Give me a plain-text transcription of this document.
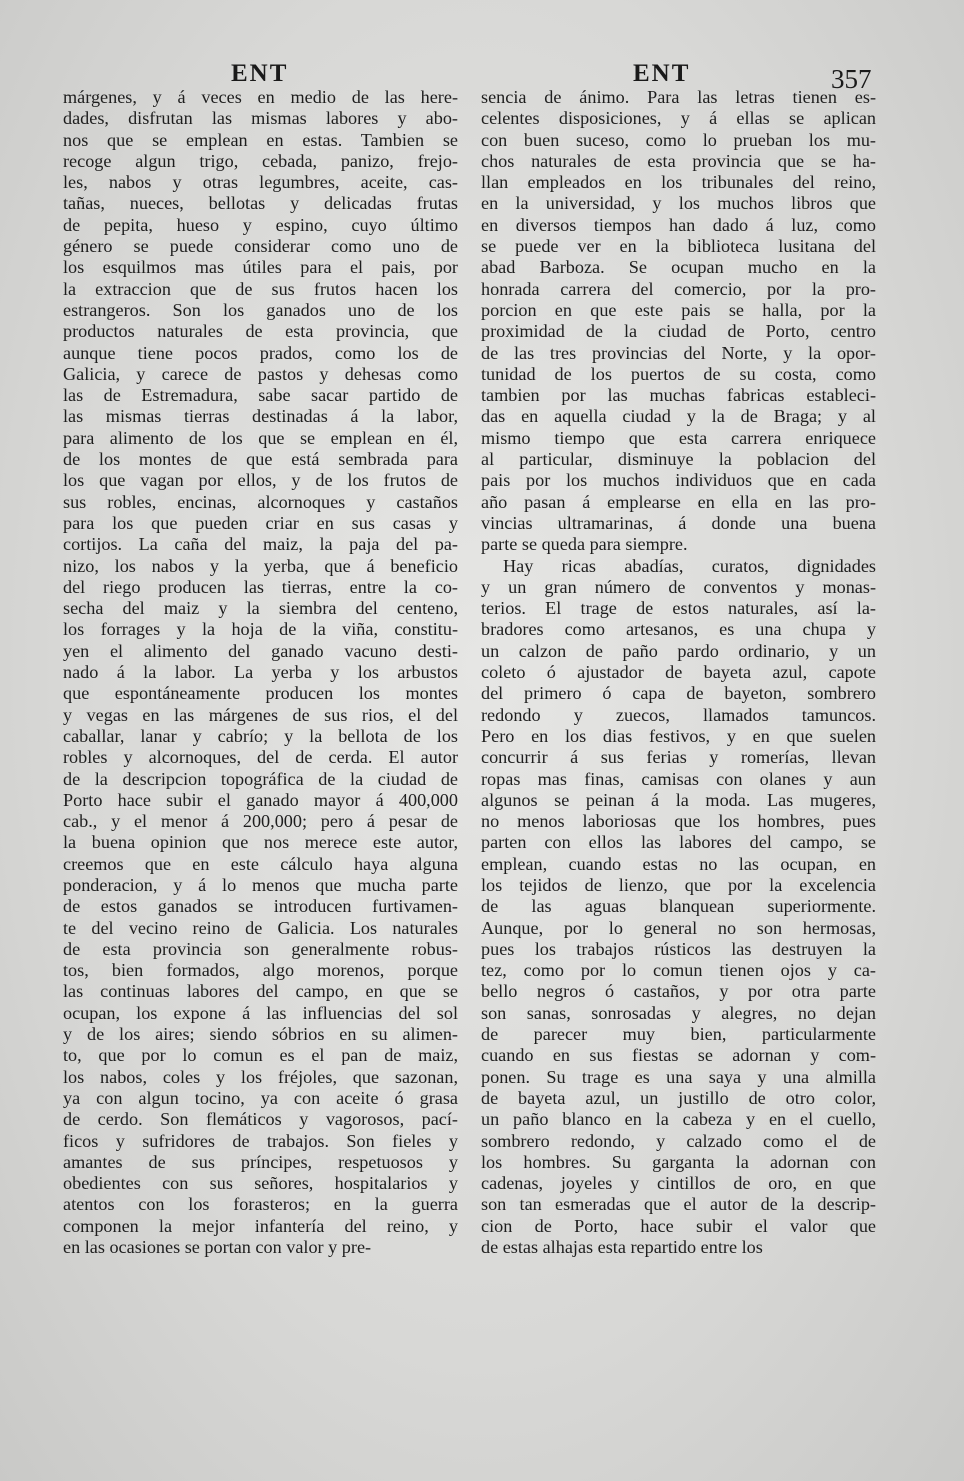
ENT	ENT	357
márgenes, y á veces en medio de las here-
dades, disfrutan las mismas labores y abo-
nos que se emplean en estas. Tambien se
recoge algun trigo, cebada, panizo, frejo-
les, nabos y otras legumbres, aceite, cas-
tañas, nueces, bellotas y delicadas frutas
de pepita, hueso y espino, cuyo último
género se puede considerar como uno de
los esquilmos mas útiles para el pais, por
la extraccion que de sus frutos hacen los
estrangeros. Son los ganados uno de los
productos naturales de esta provincia, que
aunque tiene pocos prados, como los de
Galicia, y carece de pastos y dehesas como
las de Estremadura, sabe sacar partido de
las mismas tierras destinadas á la labor,
para alimento de los que se emplean en él,
de los montes de que está sembrada para
los que vagan por ellos, y de los frutos de
sus robles, encinas, alcornoques y castaños
para los que pueden criar en sus casas y
cortijos. La caña del maiz, la paja del pa-
nizo, los nabos y la yerba, que á beneficio
del riego producen las tierras, entre la co-
secha del maiz y la siembra del centeno,
los forrages y la hoja de la viña, constitu-
yen el alimento del ganado vacuno desti-
nado á la labor. La yerba y los arbustos
que espontáneamente producen los montes
y vegas en las márgenes de sus rios, el del
caballar, lanar y cabrío; y la bellota de los
robles y alcornoques, del de cerda. El autor
de la descripcion topográfica de la ciudad de
Porto hace subir el ganado mayor á 400,000
cab., y el menor á 200,000; pero á pesar de
la buena opinion que nos merece este autor,
creemos que en este cálculo haya alguna
ponderacion, y á lo menos que mucha parte
de estos ganados se introducen furtivamen-
te del vecino reino de Galicia. Los naturales
de esta provincia son generalmente robus-
tos, bien formados, algo morenos, porque
las continuas labores del campo, en que se
ocupan, los expone á las influencias del sol
y de los aires; siendo sóbrios en su alimen-
to, que por lo comun es el pan de maiz,
los nabos, coles y los fréjoles, que sazonan,
ya con algun tocino, ya con aceite ó grasa
de cerdo. Son flemáticos y vagorosos, pací-
ficos y sufridores de trabajos. Son fieles y
amantes de sus príncipes, respetuosos y
obedientes con sus señores, hospitalarios y
atentos con los forasteros; en la guerra
componen la mejor infantería del reino, y
en las ocasiones se portan con valor y pre-
sencia de ánimo. Para las letras tienen es-
celentes disposiciones, y á ellas se aplican
con buen suceso, como lo prueban los mu-
chos naturales de esta provincia que se ha-
llan empleados en los tribunales del reino,
en la universidad, y los muchos libros que
en diversos tiempos han dado á luz, como
se puede ver en la biblioteca lusitana del
abad Barboza. Se ocupan mucho en la
honrada carrera del comercio, por la pro-
porcion en que este pais se halla, por la
proximidad de la ciudad de Porto, centro
de las tres provincias del Norte, y la opor-
tunidad de los puertos de su costa, como
tambien por las muchas fabricas estableci-
das en aquella ciudad y la de Braga; y al
mismo tiempo que esta carrera enriquece
al particular, disminuye la poblacion del
pais por los muchos individuos que en cada
año pasan á emplearse en ella en las pro-
vincias ultramarinas, á donde una buena
parte se queda para siempre.
Hay ricas abadías, curatos, dignidades
y un gran número de conventos y monas-
terios. El trage de estos naturales, así la-
bradores como artesanos, es una chupa y
un calzon de paño pardo ordinario, y un
coleto ó ajustador de bayeta azul, capote
del primero ó capa de bayeton, sombrero
redondo y zuecos, llamados tamuncos.
Pero en los dias festivos, y en que suelen
concurrir á sus ferias y romerías, llevan
ropas mas finas, camisas con olanes y aun
algunos se peinan á la moda. Las mugeres,
no menos laboriosas que los hombres, pues
parten con ellos las labores del campo, se
emplean, cuando estas no las ocupan, en
los tejidos de lienzo, que por la excelencia
de las aguas blanquean superiormente.
Aunque, por lo general no son hermosas,
pues los trabajos rústicos las destruyen la
tez, como por lo comun tienen ojos y ca-
bello negros ó castaños, y por otra parte
son sanas, sonrosadas y alegres, no dejan
de parecer muy bien, particularmente
cuando en sus fiestas se adornan y com-
ponen. Su trage es una saya y una almilla
de bayeta azul, un justillo de otro color,
un paño blanco en la cabeza y en el cuello,
sombrero redondo, y calzado como el de
los hombres. Su garganta la adornan con
cadenas, joyeles y cintillos de oro, en que
son tan esmeradas que el autor de la descrip-
cion de Porto, hace subir el valor que
de estas alhajas esta repartido entre los
